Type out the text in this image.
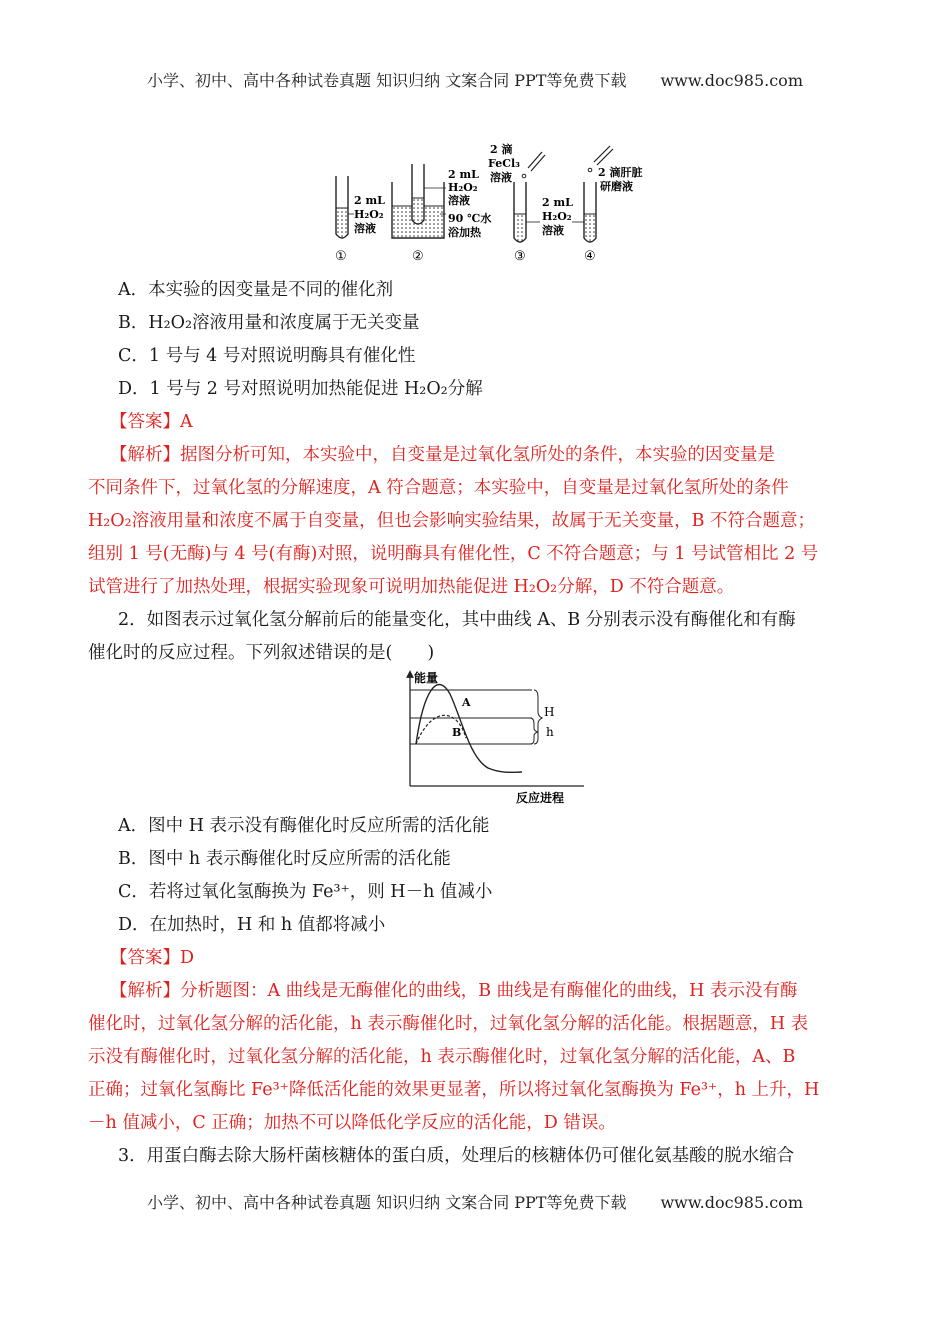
小学、初中、高中各种试卷真题 知识归纳 文案合同 PPT等免费下载 www.doc985.com
2 mL
H₂O₂
溶液
①
2 mL
H₂O₂
溶液
90 ℃水
浴加热
②
2 滴
FeCl₃
溶液
③
2 mL
H₂O₂
溶液
2 滴肝脏
研磨液
④
A．本实验的因变量是不同的催化剂
B．H₂O₂溶液用量和浓度属于无关变量
C．1 号与 4 号对照说明酶具有催化性
D．1 号与 2 号对照说明加热能促进 H₂O₂分解
【答案】A
【解析】据图分析可知，本实验中，自变量是过氧化氢所处的条件，本实验的因变量是
不同条件下，过氧化氢的分解速度，A 符合题意；本实验中，自变量是过氧化氢所处的条件
H₂O₂溶液用量和浓度不属于自变量，但也会影响实验结果，故属于无关变量，B 不符合题意；
组别 1 号(无酶)与 4 号(有酶)对照，说明酶具有催化性，C 不符合题意；与 1 号试管相比 2 号
试管进行了加热处理，根据实验现象可说明加热能促进 H₂O₂分解，D 不符合题意。
2．如图表示过氧化氢分解前后的能量变化，其中曲线 A、B 分别表示没有酶催化和有酶
催化时的反应过程。下列叙述错误的是(　　)
能量
反应进程
A
B
H
h
A．图中 H 表示没有酶催化时反应所需的活化能
B．图中 h 表示酶催化时反应所需的活化能
C．若将过氧化氢酶换为 Fe³⁺，则 H－h 值减小
D．在加热时，H 和 h 值都将减小
【答案】D
【解析】分析题图：A 曲线是无酶催化的曲线，B 曲线是有酶催化的曲线，H 表示没有酶
催化时，过氧化氢分解的活化能，h 表示酶催化时，过氧化氢分解的活化能。根据题意，H 表
示没有酶催化时，过氧化氢分解的活化能，h 表示酶催化时，过氧化氢分解的活化能，A、B
正确；过氧化氢酶比 Fe³⁺降低活化能的效果更显著，所以将过氧化氢酶换为 Fe³⁺，h 上升，H
－h 值减小，C 正确；加热不可以降低化学反应的活化能，D 错误。
3．用蛋白酶去除大肠杆菌核糖体的蛋白质，处理后的核糖体仍可催化氨基酸的脱水缩合
小学、初中、高中各种试卷真题 知识归纳 文案合同 PPT等免费下载 www.doc985.com
